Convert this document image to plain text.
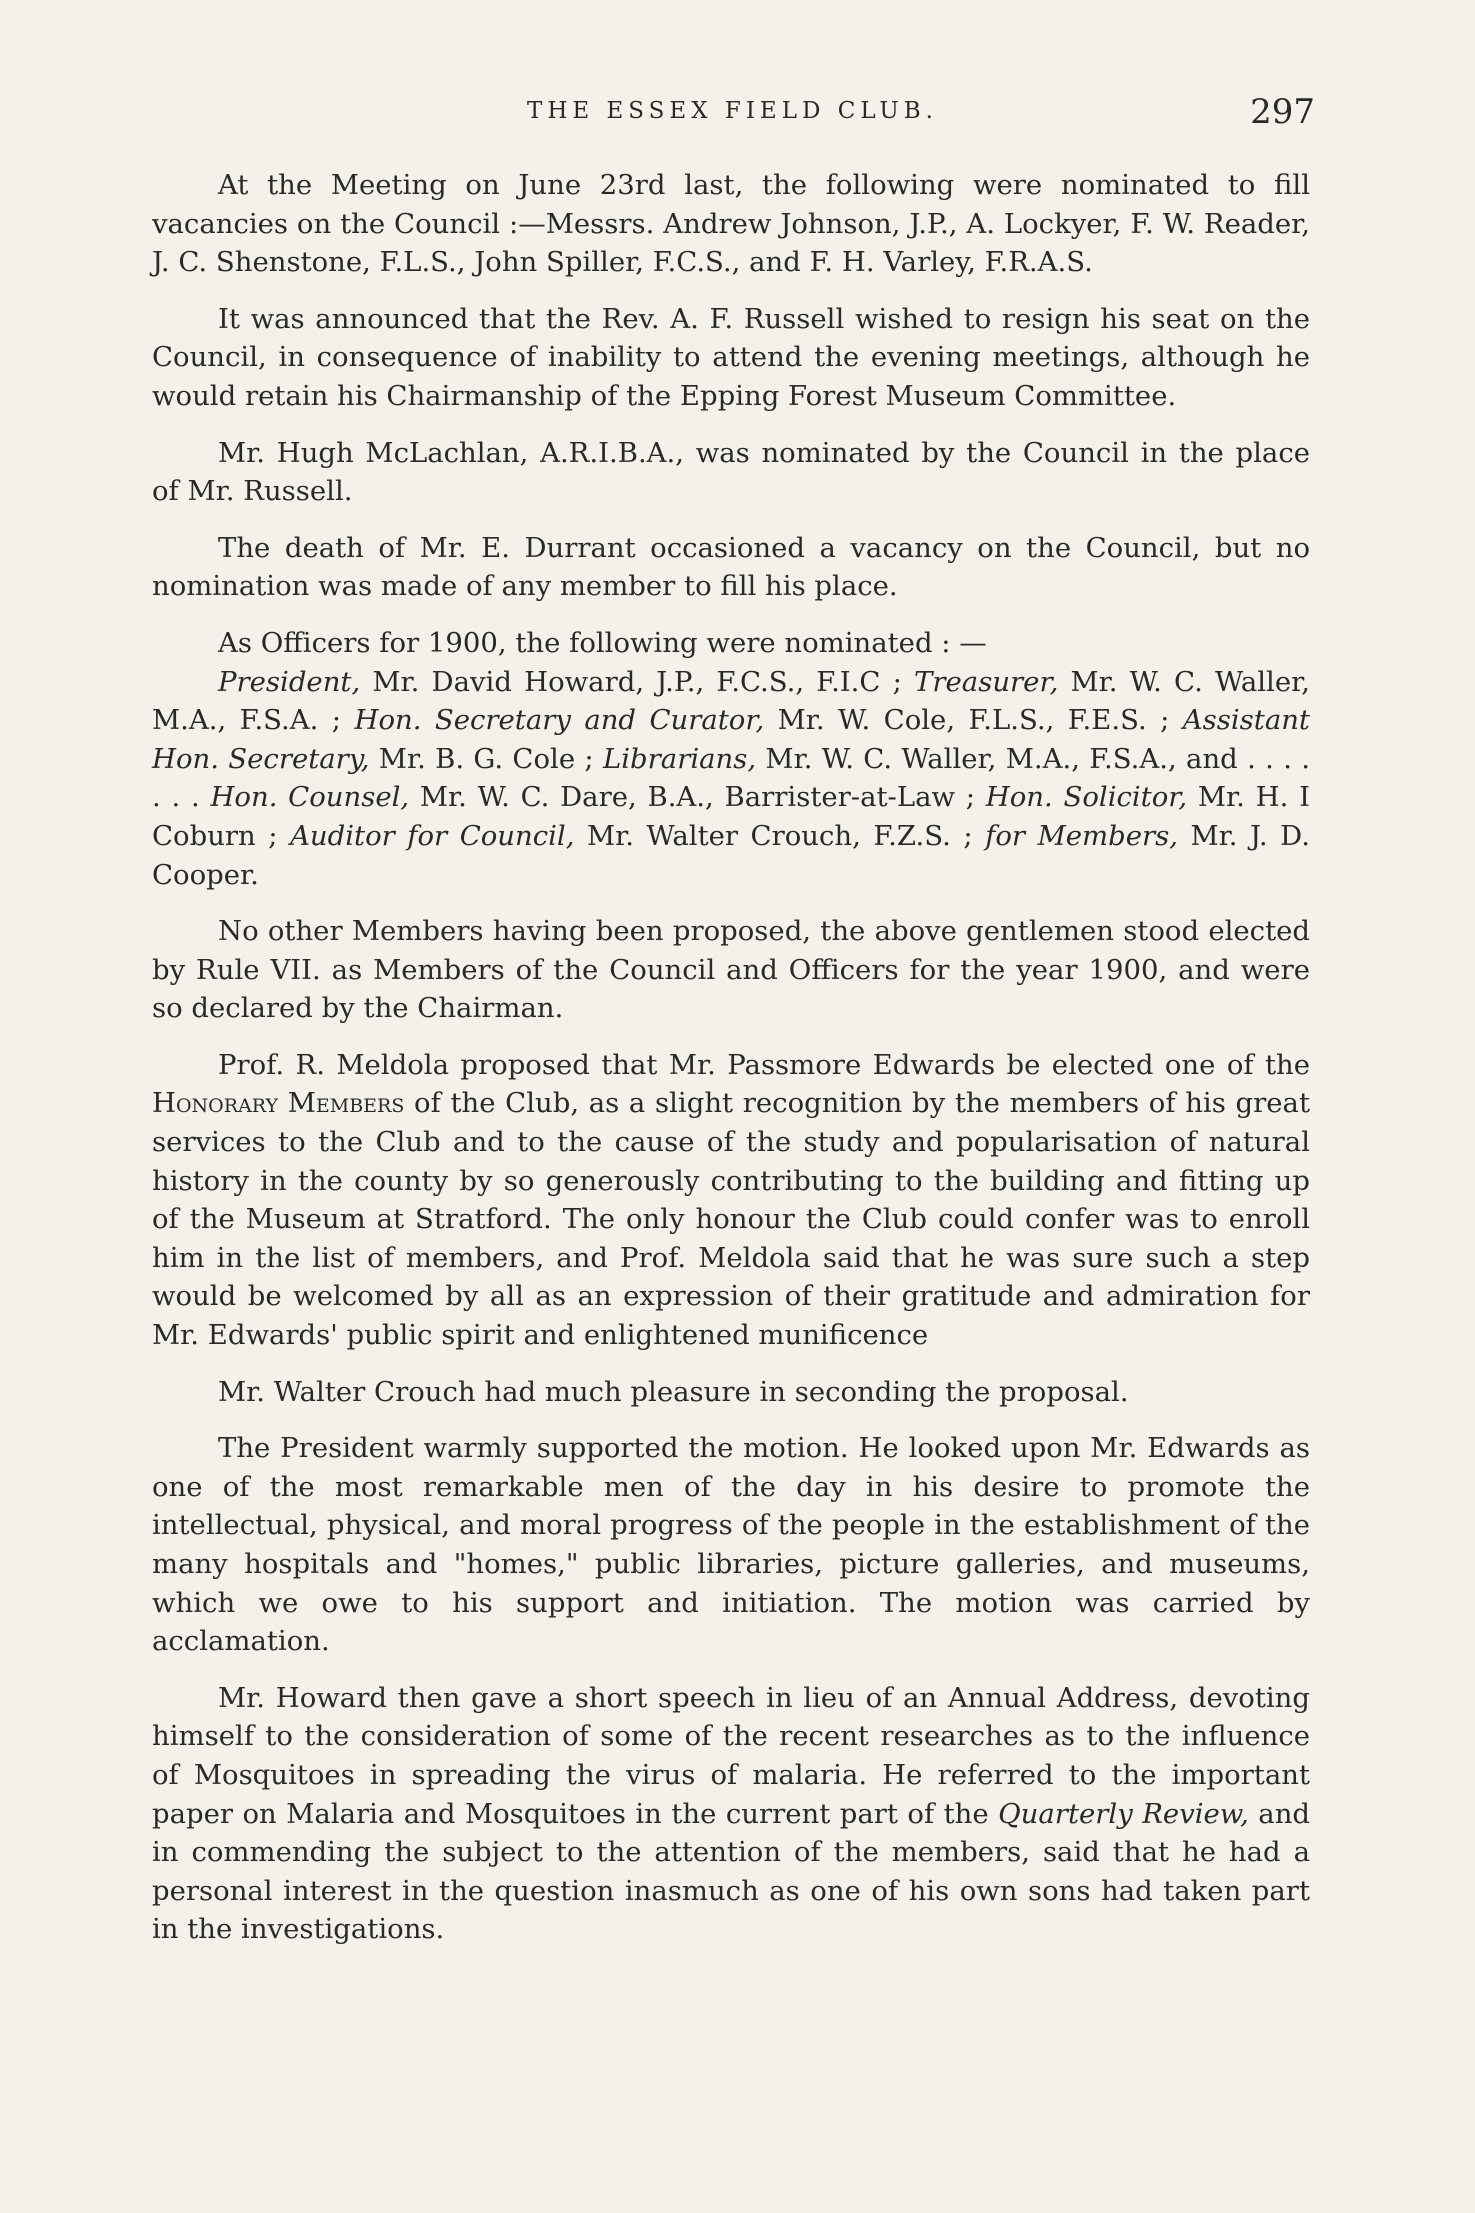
THE ESSEX FIELD CLUB.	297

At the Meeting on June 23rd last, the following were nominated to fill vacancies on the Council :—Messrs. Andrew Johnson, J.P., A. Lockyer, F. W. Reader, J. C. Shenstone, F.L.S., John Spiller, F.C.S., and F. H. Varley, F.R.A.S.

It was announced that the Rev. A. F. Russell wished to resign his seat on the Council, in consequence of inability to attend the evening meetings, although he would retain his Chairmanship of the Epping Forest Museum Committee.

Mr. Hugh McLachlan, A.R.I.B.A., was nominated by the Council in the place of Mr. Russell.

The death of Mr. E. Durrant occasioned a vacancy on the Council, but no nomination was made of any member to fill his place.

As Officers for 1900, the following were nominated : —

President, Mr. David Howard, J.P., F.C.S., F.I.C ; Treasurer, Mr. W. C. Waller, M.A., F.S.A. ; Hon. Secretary and Curator, Mr. W. Cole, F.L.S., F.E.S. ; Assistant Hon. Secretary, Mr. B. G. Cole ; Librarians, Mr. W. C. Waller, M.A., F.S.A., and . . . . . . . Hon. Counsel, Mr. W. C. Dare, B.A., Barrister-at-Law ; Hon. Solicitor, Mr. H. I Coburn ; Auditor for Council, Mr. Walter Crouch, F.Z.S. ; for Members, Mr. J. D. Cooper.

No other Members having been proposed, the above gentlemen stood elected by Rule VII. as Members of the Council and Officers for the year 1900, and were so declared by the Chairman.

Prof. R. Meldola proposed that Mr. Passmore Edwards be elected one of the Honorary Members of the Club, as a slight recognition by the members of his great services to the Club and to the cause of the study and popularisation of natural history in the county by so generously contributing to the building and fitting up of the Museum at Stratford. The only honour the Club could confer was to enroll him in the list of members, and Prof. Meldola said that he was sure such a step would be welcomed by all as an expression of their gratitude and admiration for Mr. Edwards' public spirit and enlightened munificence

Mr. Walter Crouch had much pleasure in seconding the proposal.

The President warmly supported the motion. He looked upon Mr. Edwards as one of the most remarkable men of the day in his desire to promote the intellectual, physical, and moral progress of the people in the establishment of the many hospitals and "homes," public libraries, picture galleries, and museums, which we owe to his support and initiation. The motion was carried by acclamation.

Mr. Howard then gave a short speech in lieu of an Annual Address, devoting himself to the consideration of some of the recent researches as to the influence of Mosquitoes in spreading the virus of malaria. He referred to the important paper on Malaria and Mosquitoes in the current part of the Quarterly Review, and in commending the subject to the attention of the members, said that he had a personal interest in the question inasmuch as one of his own sons had taken part in the investigations.
